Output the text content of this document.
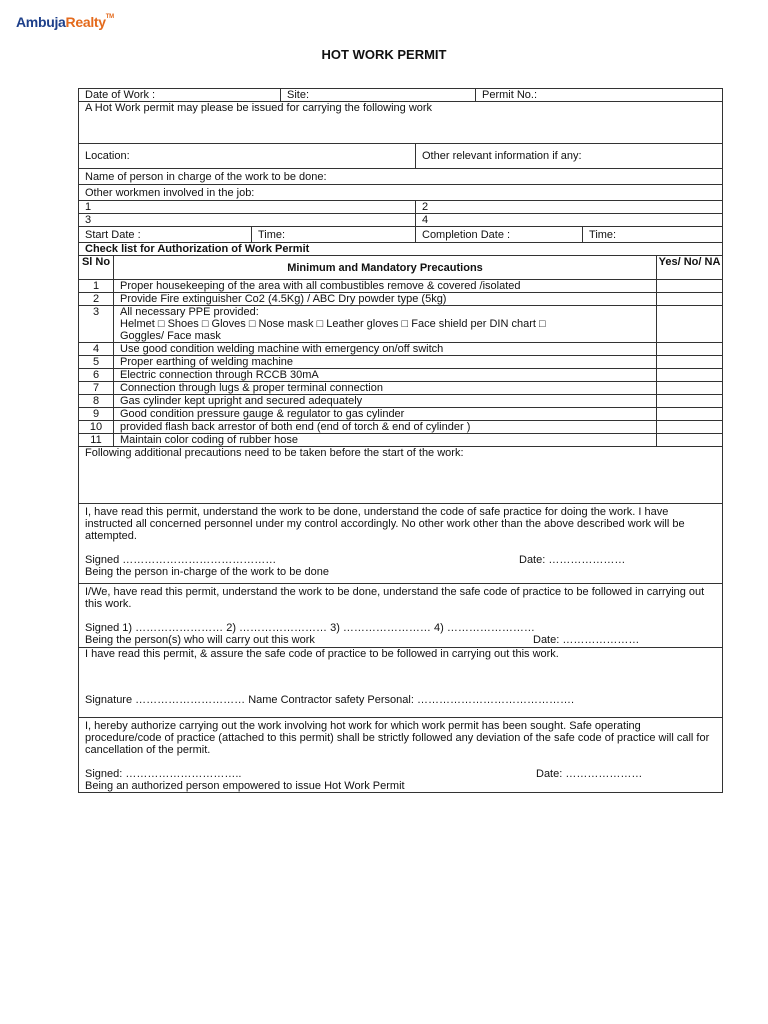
AmbujaRealty™
HOT WORK PERMIT
Date of Work :			Site:		Permit No.:		
A Hot Work permit may please be issued for carrying the following work							
Location:				Other relevant information if any:			
Name of person in charge of the work to be done:							
Other workmen involved in the job:							
1				2			
3				4			
Start Date :		Time:		Completion Date :		Time:	
Check list for Authorization of Work Permit							
Sl No	Minimum and Mandatory Precautions						Yes/ No/ NA
1	Proper housekeeping of the area with all combustibles remove & covered /isolated						
2	Provide Fire extinguisher Co2 (4.5Kg) / ABC Dry powder type (5kg)						
3	All necessary PPE provided:
Helmet □ Shoes □ Gloves □ Nose mask □ Leather gloves □ Face shield per DIN chart □
Goggles/ Face mask						

4	Use good condition welding machine with emergency on/off switch						
5	Proper earthing of welding machine						
6	Electric connection through RCCB 30mA						
7	Connection through lugs & proper terminal connection						
8	Gas cylinder kept upright and secured adequately						
9	Good condition pressure gauge & regulator to gas cylinder						
10	provided flash back arrestor of both end (end of torch & end of cylinder )						
11	Maintain color coding of rubber hose						
Following additional precautions need to be taken before the start of the work:							

I, have read this permit, understand the work to be done, understand the code of safe practice for doing the work. I have instructed all concerned personnel under my control accordingly. No other work other than the above described work will be attempted.
Signed …………………………………… Date: …………………
Being the person in-charge of the work to be done							

I/We, have read this permit, understand the work to be done, understand the safe code of practice to be followed in carrying out this work.
Signed 1) …………………… 2) …………………… 3) …………………… 4) ……………………
Being the person(s) who will carry out this work Date: …………………							

I have read this permit, & assure the safe code of practice to be followed in carrying out this work.
Signature ………………………… Name Contractor safety Personal: …………………………………….							

I, hereby authorize carrying out the work involving hot work for which work permit has been sought. Safe operating procedure/code of practice (attached to this permit) shall be strictly followed any deviation of the safe code of practice will call for cancellation of the permit.
Signed: ………………………….. Date: …………………
Being an authorized person empowered to issue Hot Work Permit							
